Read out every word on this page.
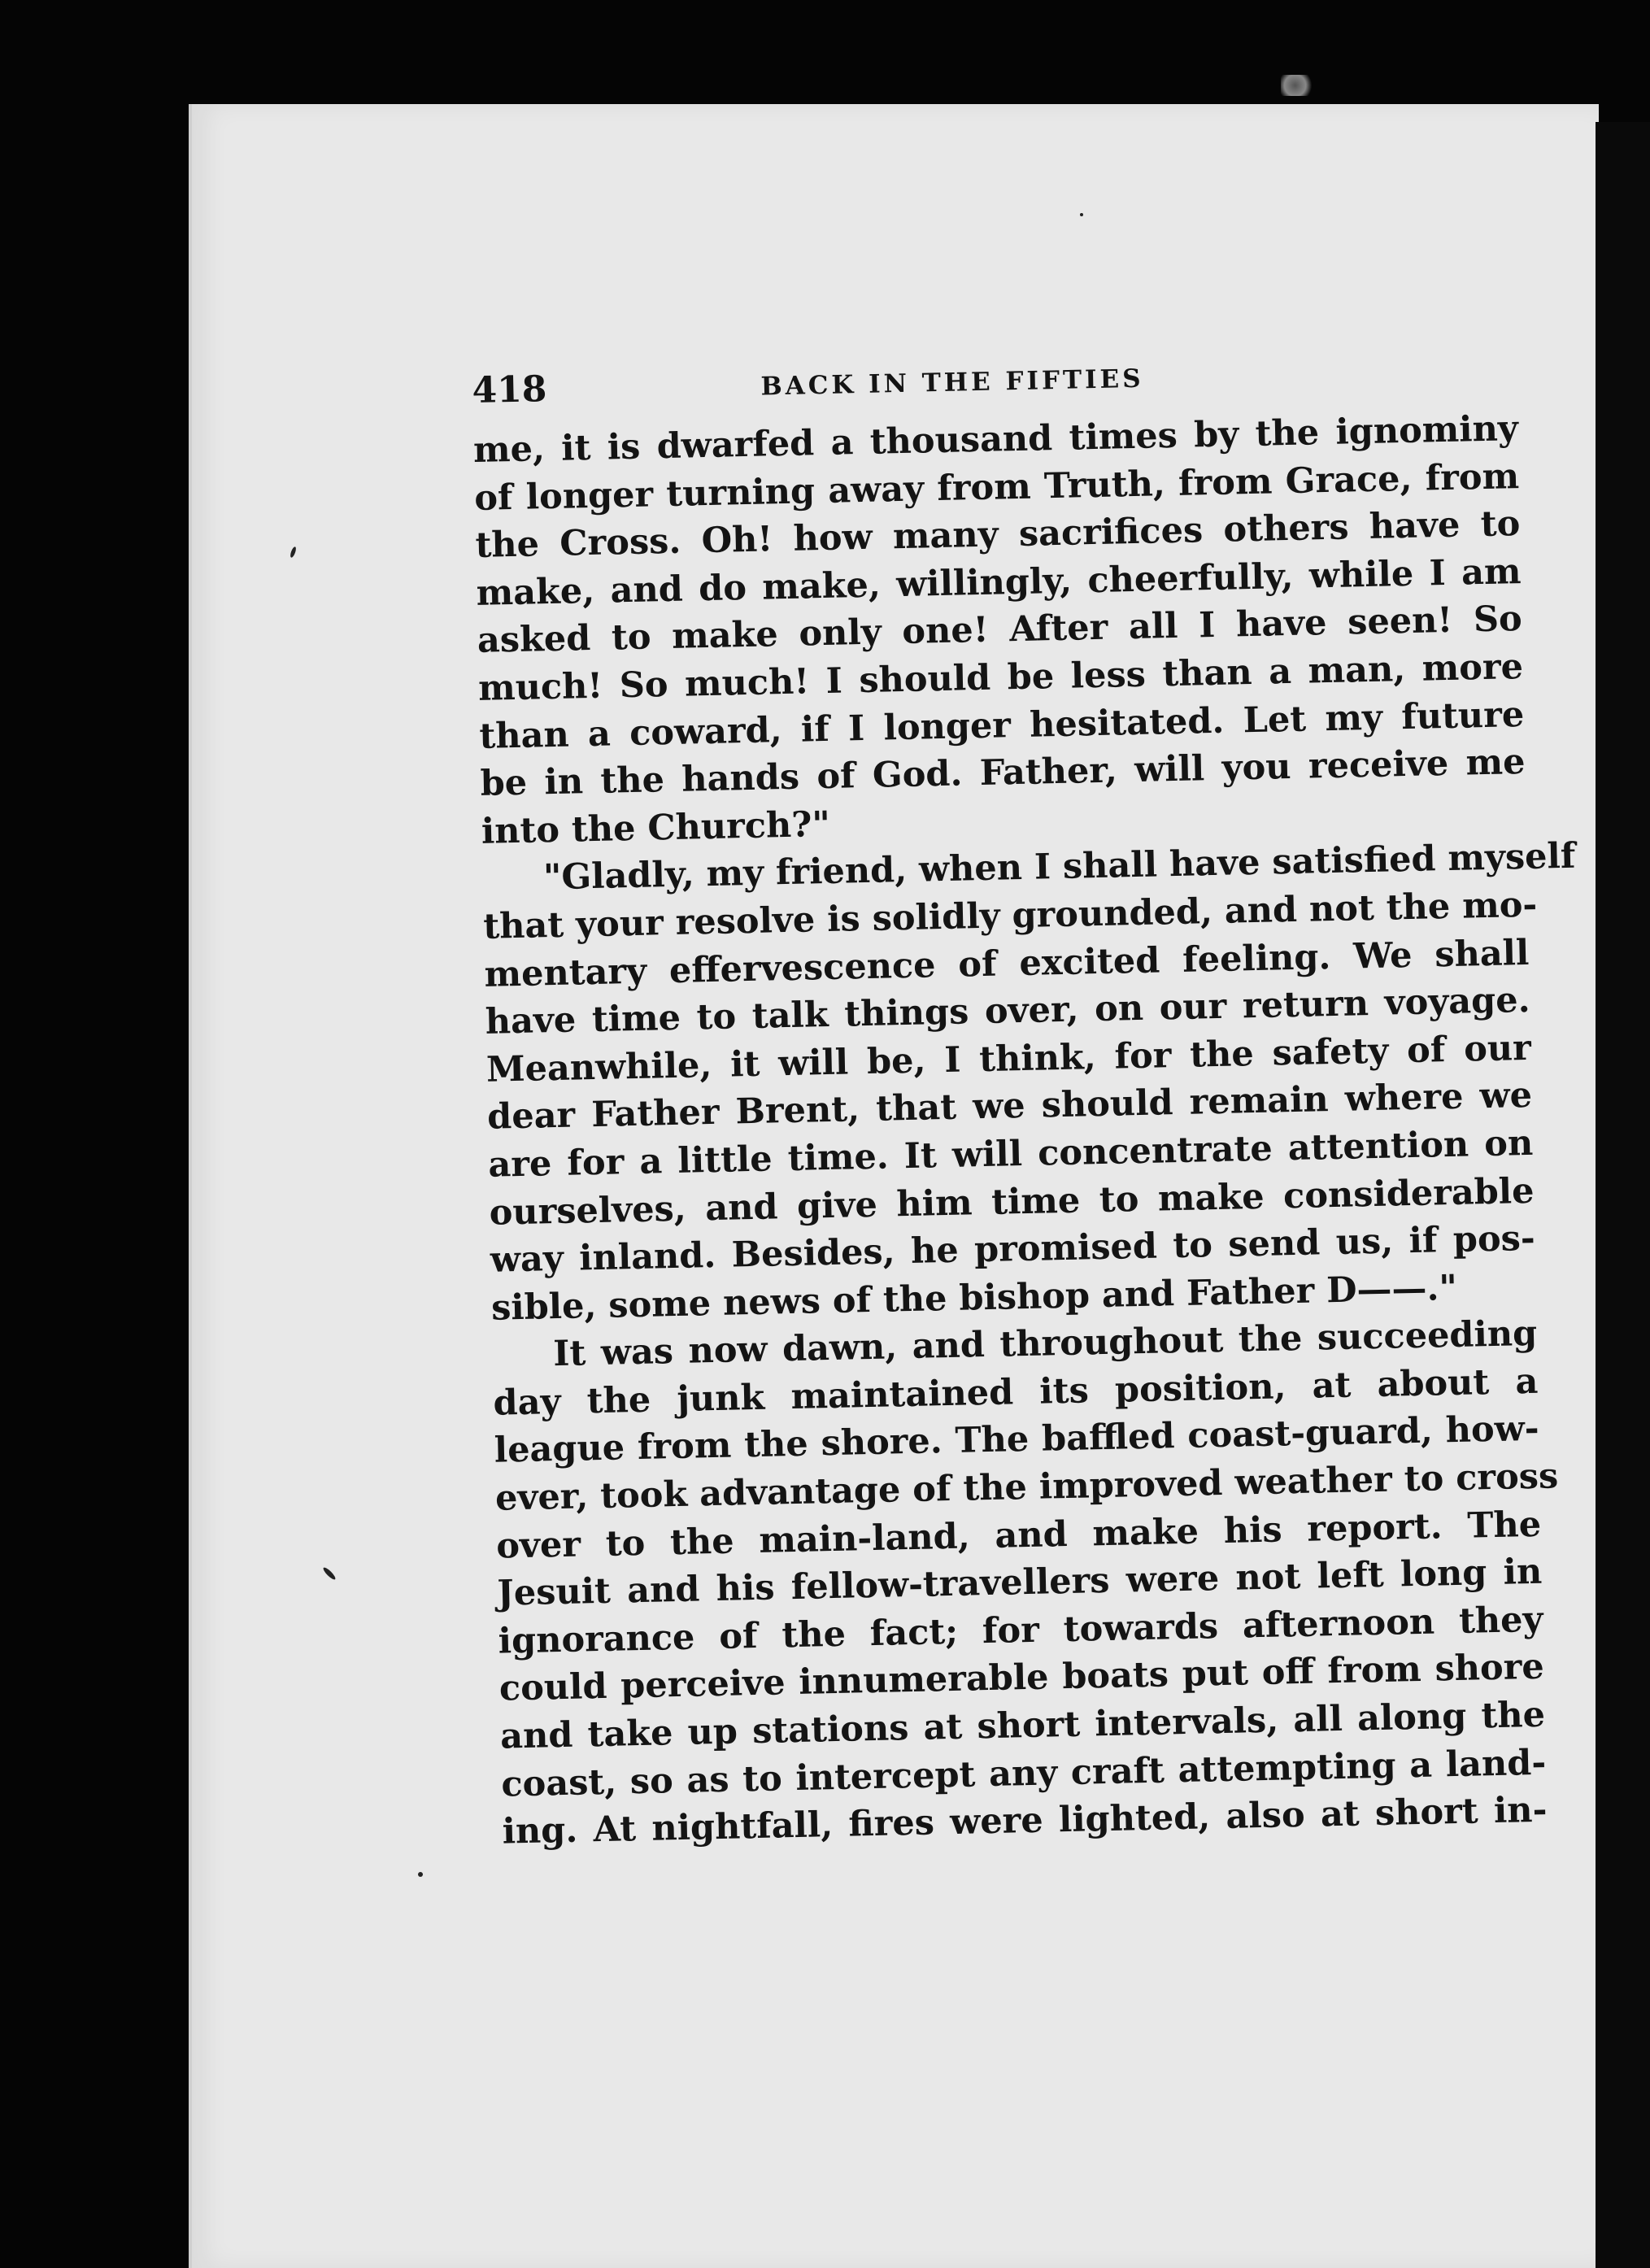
418	BACK IN THE FIFTIES
me, it is dwarfed a thousand times by the ignominy
of longer turning away from Truth, from Grace, from
the Cross. Oh! how many sacrifices others have to
make, and do make, willingly, cheerfully, while I am
asked to make only one! After all I have seen! So
much! So much! I should be less than a man, more
than a coward, if I longer hesitated. Let my future
be in the hands of God. Father, will you receive me
into the Church?"
"Gladly, my friend, when I shall have satisfied myself
that your resolve is solidly grounded, and not the mo-
mentary effervescence of excited feeling. We shall
have time to talk things over, on our return voyage.
Meanwhile, it will be, I think, for the safety of our
dear Father Brent, that we should remain where we
are for a little time. It will concentrate attention on
ourselves, and give him time to make considerable
way inland. Besides, he promised to send us, if pos-
sible, some news of the bishop and Father D——."
It was now dawn, and throughout the succeeding
day the junk maintained its position, at about a
league from the shore. The baffled coast-guard, how-
ever, took advantage of the improved weather to cross
over to the main-land, and make his report. The
Jesuit and his fellow-travellers were not left long in
ignorance of the fact; for towards afternoon they
could perceive innumerable boats put off from shore
and take up stations at short intervals, all along the
coast, so as to intercept any craft attempting a land-
ing. At nightfall, fires were lighted, also at short in-
